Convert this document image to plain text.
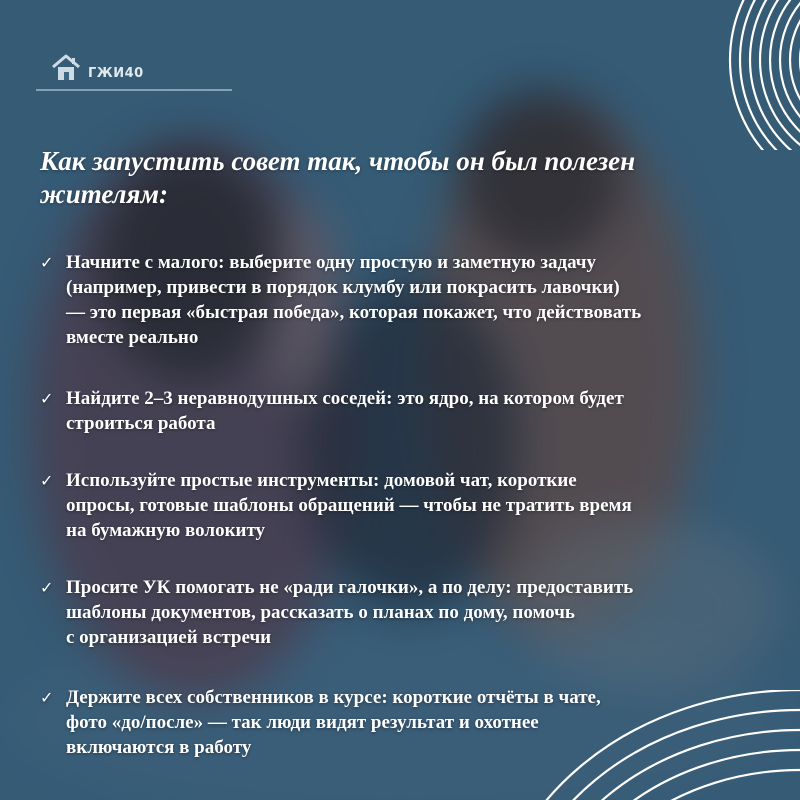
ГЖИ40
Как запустить совет так, чтобы он был полезен жителям:
✓ Начните с малого: выберите одну простую и заметную задачу
(например, привести в порядок клумбу или покрасить лавочки)
— это первая «быстрая победа», которая покажет, что действовать
вместе реально
✓ Найдите 2–3 неравнодушных соседей: это ядро, на котором будет
строиться работа
✓ Используйте простые инструменты: домовой чат, короткие
опросы, готовые шаблоны обращений — чтобы не тратить время
на бумажную волокиту
✓ Просите УК помогать не «ради галочки», а по делу: предоставить
шаблоны документов, рассказать о планах по дому, помочь
с организацией встречи
✓ Держите всех собственников в курсе: короткие отчёты в чате,
фото «до/после» — так люди видят результат и охотнее
включаются в работу
